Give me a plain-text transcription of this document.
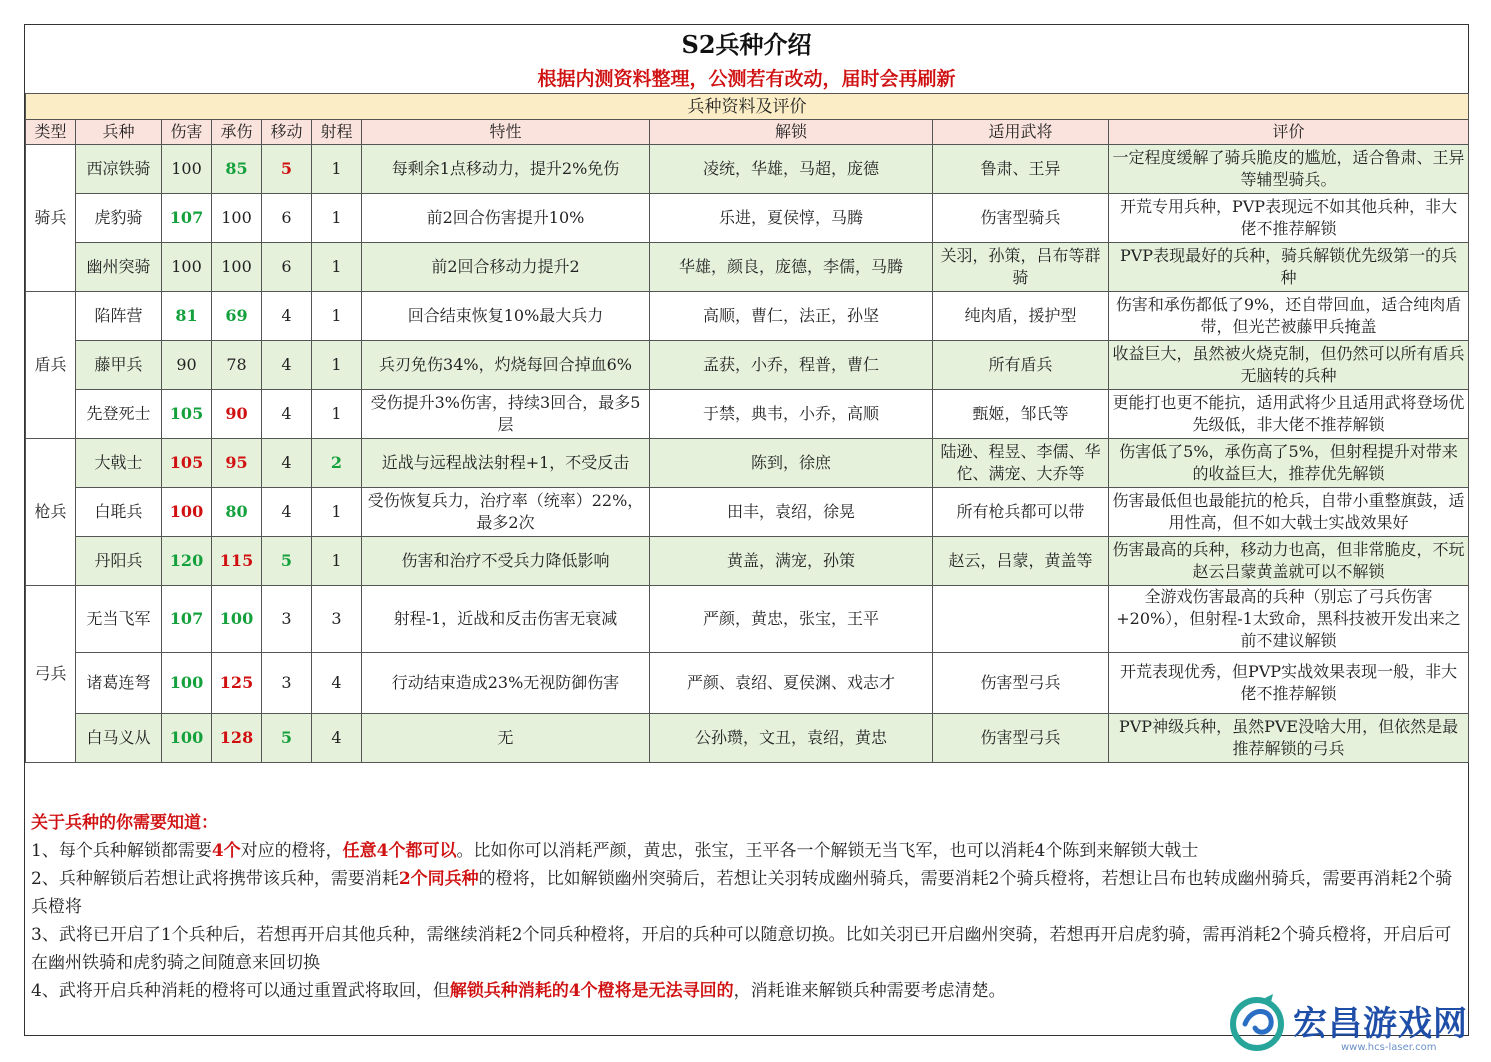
S2兵种介绍
根据内测资料整理，公测若有改动，届时会再刷新
兵种资料及评价									
类型	兵种	伤害	承伤	移动	射程	特性	解锁	适用武将	评价
骑兵	西凉铁骑	100	85	5	1	每剩余1点移动力，提升2%免伤	凌统，华雄，马超，庞德	鲁肃、王异	一定程度缓解了骑兵脆皮的尴尬，适合鲁肃、王异等辅型骑兵。
	虎豹骑	107	100	6	1	前2回合伤害提升10%	乐进，夏侯惇，马腾	伤害型骑兵	开荒专用兵种，PVP表现远不如其他兵种，非大佬不推荐解锁
	幽州突骑	100	100	6	1	前2回合移动力提升2	华雄，颜良，庞德，李儒，马腾	关羽，孙策，吕布等群骑	PVP表现最好的兵种，骑兵解锁优先级第一的兵种
盾兵	陷阵营	81	69	4	1	回合结束恢复10%最大兵力	高顺，曹仁，法正，孙坚	纯肉盾，援护型	伤害和承伤都低了9%，还自带回血，适合纯肉盾带，但光芒被藤甲兵掩盖
	藤甲兵	90	78	4	1	兵刃免伤34%，灼烧每回合掉血6%	孟获，小乔，程普，曹仁	所有盾兵	收益巨大，虽然被火烧克制，但仍然可以所有盾兵无脑转的兵种
	先登死士	105	90	4	1	受伤提升3%伤害，持续3回合，最多5层	于禁，典韦，小乔，高顺	甄姬，邹氏等	更能打也更不能抗，适用武将少且适用武将登场优先级低，非大佬不推荐解锁
枪兵	大戟士	105	95	4	2	近战与远程战法射程+1，不受反击	陈到，徐庶	陆逊、程昱、李儒、华佗、满宠、大乔等	伤害低了5%，承伤高了5%，但射程提升对带来的收益巨大，推荐优先解锁
	白毦兵	100	80	4	1	受伤恢复兵力，治疗率（统率）22%，最多2次	田丰，袁绍，徐晃	所有枪兵都可以带	伤害最低但也最能抗的枪兵，自带小重整旗鼓，适用性高，但不如大戟士实战效果好
	丹阳兵	120	115	5	1	伤害和治疗不受兵力降低影响	黄盖，满宠，孙策	赵云，吕蒙，黄盖等	伤害最高的兵种，移动力也高，但非常脆皮，不玩赵云吕蒙黄盖就可以不解锁
弓兵	无当飞军	107	100	3	3	射程-1，近战和反击伤害无衰减	严颜，黄忠，张宝，王平		全游戏伤害最高的兵种（别忘了弓兵伤害+20%），但射程-1太致命，黑科技被开发出来之前不建议解锁
	诸葛连弩	100	125	3	4	行动结束造成23%无视防御伤害	严颜、袁绍、夏侯渊、戏志才	伤害型弓兵	开荒表现优秀，但PVP实战效果表现一般，非大佬不推荐解锁
	白马义从	100	128	5	4	无	公孙瓒，文丑，袁绍，黄忠	伤害型弓兵	PVP神级兵种，虽然PVE没啥大用，但依然是最推荐解锁的弓兵

关于兵种的你需要知道：

1、每个兵种解锁都需要4个对应的橙将，任意4个都可以。比如你可以消耗严颜，黄忠，张宝，王平各一个解锁无当飞军，也可以消耗4个陈到来解锁大戟士

2、兵种解锁后若想让武将携带该兵种，需要消耗2个同兵种的橙将，比如解锁幽州突骑后，若想让关羽转成幽州骑兵，需要消耗2个骑兵橙将，若想让吕布也转成幽州骑兵，需要再消耗2个骑兵橙将

3、武将已开启了1个兵种后，若想再开启其他兵种，需继续消耗2个同兵种橙将，开启的兵种可以随意切换。比如关羽已开启幽州突骑，若想再开启虎豹骑，需再消耗2个骑兵橙将，开启后可在幽州铁骑和虎豹骑之间随意来回切换

4、武将开启兵种消耗的橙将可以通过重置武将取回，但解锁兵种消耗的4个橙将是无法寻回的，消耗谁来解锁兵种需要考虑清楚。

宏昌游戏网
www.hcs-laser.com
